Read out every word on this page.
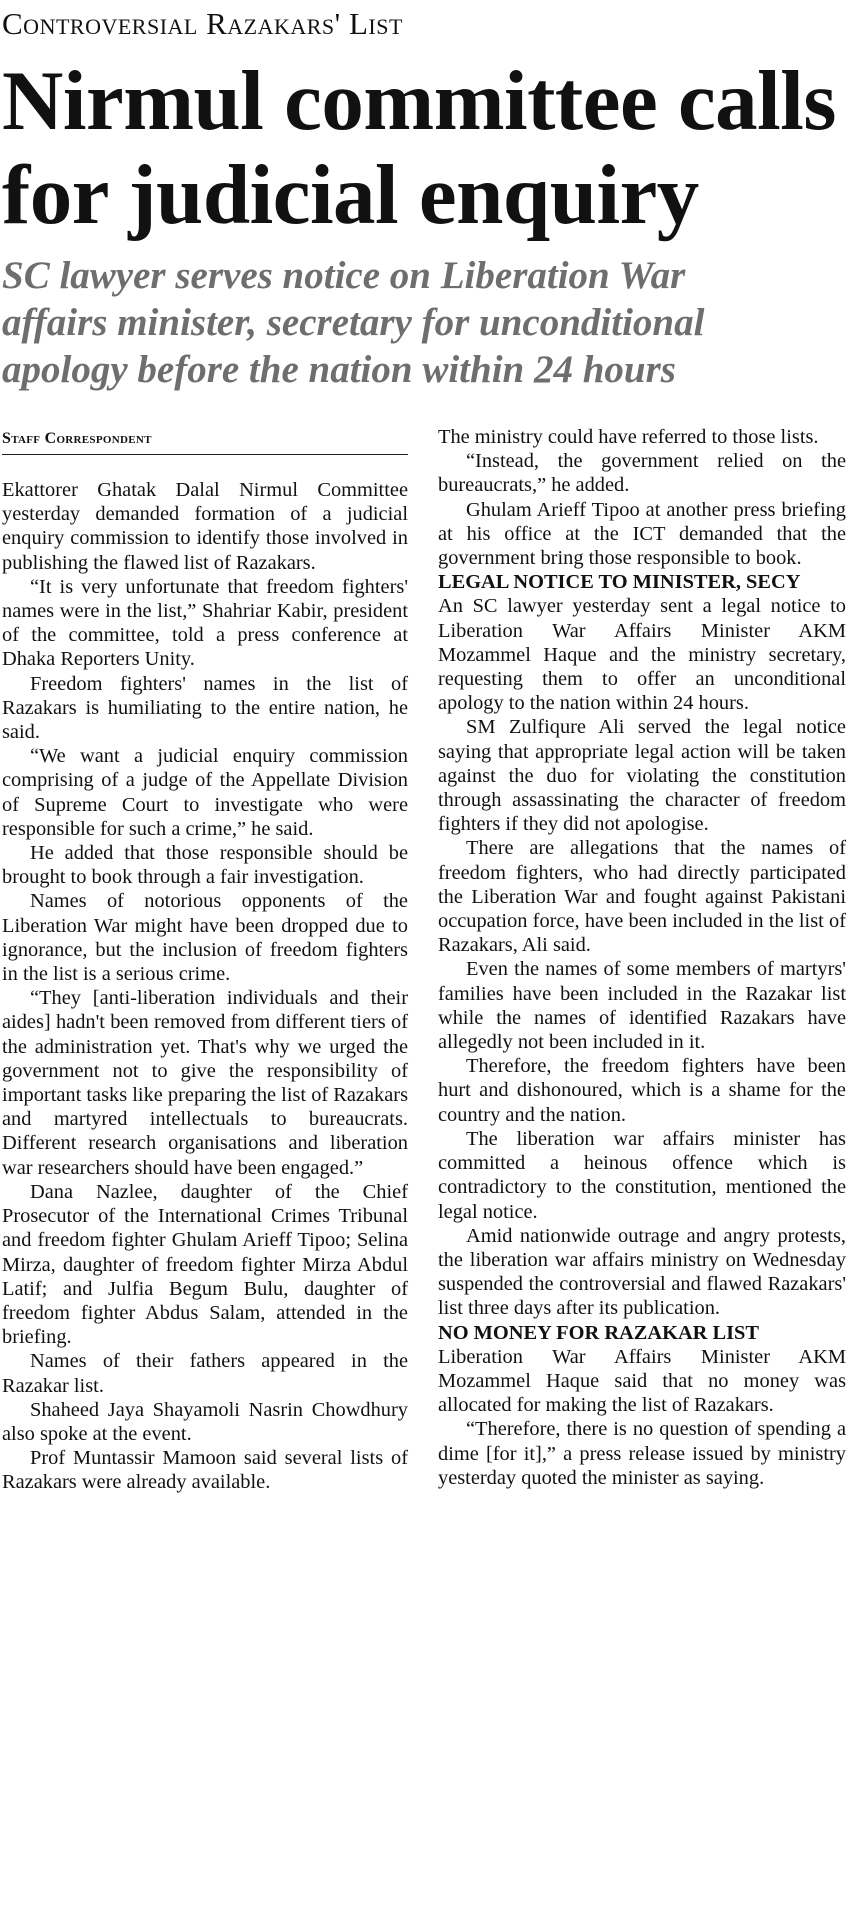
Controversial Razakars' List
Nirmul committee calls
for judicial enquiry
SC lawyer serves notice on Liberation War
affairs minister, secretary for unconditional
apology before the nation within 24 hours
Staff Correspondent

Ekattorer Ghatak Dalal Nirmul Committee yesterday demanded formation of a judicial enquiry commission to identify those involved in publishing the flawed list of Razakars.

“It is very unfortunate that freedom fighters' names were in the list,” Shahriar Kabir, president of the committee, told a press conference at Dhaka Reporters Unity.

Freedom fighters' names in the list of Razakars is humiliating to the entire nation, he said.

“We want a judicial enquiry commission comprising of a judge of the Appellate Division of Supreme Court to investigate who were responsible for such a crime,” he said.

He added that those responsible should be brought to book through a fair investigation.

Names of notorious opponents of the Liberation War might have been dropped due to ignorance, but the inclusion of freedom fighters in the list is a serious crime.

“They [anti-liberation individuals and their aides] hadn't been removed from different tiers of the administration yet. That's why we urged the government not to give the responsibility of important tasks like preparing the list of Razakars and martyred intellectuals to bureaucrats. Different research organisations and liberation war researchers should have been engaged.”

Dana Nazlee, daughter of the Chief Prosecutor of the International Crimes Tribunal and freedom fighter Ghulam Arieff Tipoo; Selina Mirza, daughter of freedom fighter Mirza Abdul Latif; and Julfia Begum Bulu, daughter of freedom fighter Abdus Salam, attended in the briefing.

Names of their fathers appeared in the Razakar list.

Shaheed Jaya Shayamoli Nasrin Chowdhury also spoke at the event.

Prof Muntassir Mamoon said several lists of Razakars were already available.

The ministry could have referred to those lists.

“Instead, the government relied on the bureaucrats,” he added.

Ghulam Arieff Tipoo at another press briefing at his office at the ICT demanded that the government bring those responsible to book.

LEGAL NOTICE TO MINISTER, SECY

An SC lawyer yesterday sent a legal notice to Liberation War Affairs Minister AKM Mozammel Haque and the ministry secretary, requesting them to offer an unconditional apology to the nation within 24 hours.

SM Zulfiqure Ali served the legal notice saying that appropriate legal action will be taken against the duo for violating the constitution through assassinating the character of freedom fighters if they did not apologise.

There are allegations that the names of freedom fighters, who had directly participated the Liberation War and fought against Pakistani occupation force, have been included in the list of Razakars, Ali said.

Even the names of some members of martyrs' families have been included in the Razakar list while the names of identified Razakars have allegedly not been included in it.

Therefore, the freedom fighters have been hurt and dishonoured, which is a shame for the country and the nation.

The liberation war affairs minister has committed a heinous offence which is contradictory to the constitution, mentioned the legal notice.

Amid nationwide outrage and angry protests, the liberation war affairs ministry on Wednesday suspended the controversial and flawed Razakars' list three days after its publication.

NO MONEY FOR RAZAKAR LIST

Liberation War Affairs Minister AKM Mozammel Haque said that no money was allocated for making the list of Razakars.

“Therefore, there is no question of spending a dime [for it],” a press release issued by ministry yesterday quoted the minister as saying.
